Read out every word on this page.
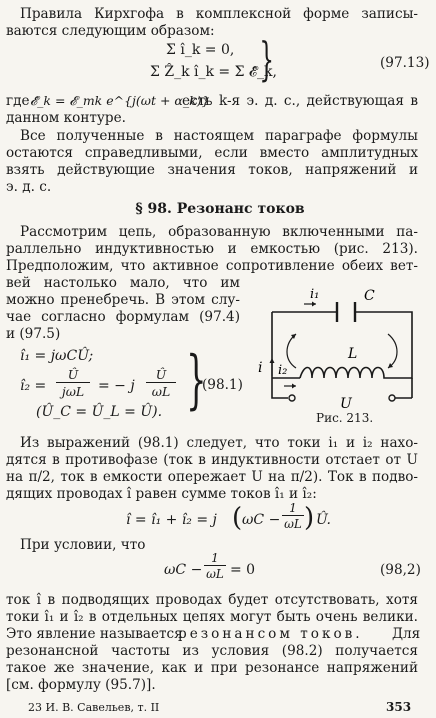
Правила Кирхгофа в комплексной форме записы-
ваются следующим образом:
Σ î_k = 0,
Σ Ẑ_k î_k = Σ 𝓔̂_k,
}	(97.13)
где 𝓔̂_k = 𝓔_mk e^{j(ωt + α_k)}
есть k-я э. д. с., действующая в
данном контуре.
Все полученные в настоящем параграфе формулы
остаются справедливыми, если вместо амплитудных
взять действующие значения токов, напряжений и
э. д. с.
§ 98. Резонанс токов
Рассмотрим цепь, образованную включенными па-
раллельно индуктивностью и емкостью (рис. 213).
Предположим, что активное сопротивление обеих вет-
вей настолько мало, что им
можно пренебречь. В этом слу-
чае согласно формулам (97.4)
и (97.5)
î₁ = jωCÛ;
î₂ =
Û
jωL = − j
Û
ωL
(Û_C = Û_L = Û). }
(98.1)
i₁	C
L
i₂
i
U
Рис. 213.
Из выражений (98.1) следует, что токи i₁ и i₂ нахо-
дятся в противофазе (ток в индуктивности отстает от U
на π/2, ток в емкости опережает U на π/2). Ток в подво-
дящих проводах î равен сумме токов î₁ и î₂:
î = î₁ + î₂ = j ( ωC −
1
ωL ) Û.
При условии, что
ωC −
1
ωL = 0	(98,2)
ток î в подводящих проводах будет отсутствовать, хотя
токи î₁ и î₂ в отдельных цепях могут быть очень велики.
Это явление называется
резонансом токов. Для
резонансной частоты из условия (98.2) получается
такое же значение, как и при резонансе напряжений
[см. формулу (95.7)].
23 И. В. Савельев, т. II	353
